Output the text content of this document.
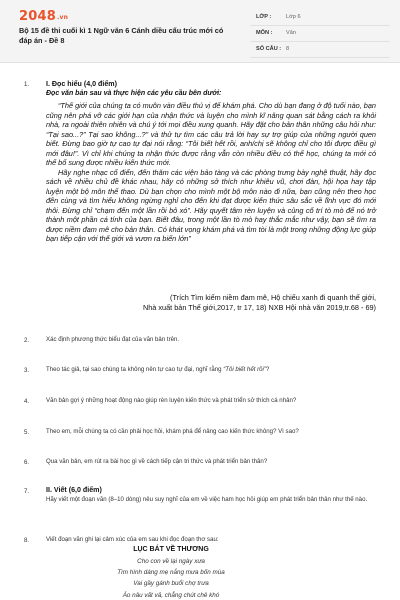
2048.vn
Bộ 15 đề thi cuối kì 1 Ngữ văn 6 Cánh diều cấu trúc mới có đáp án - Đề 8
LỚP :	Lớp 6
MÔN : Văn
SỐ CÂU : 8
1. I. Đọc hiểu (4,0 điểm)
Đọc văn bản sau và thực hiện các yêu cầu bên dưới:

“Thế giới của chúng ta có muôn vàn điều thú vị để khám phá. Cho dù bạn đang ở độ tuổi nào, bạn cũng nên phá vỡ các giới hạn của nhận thức và luyện cho mình kĩ năng quan sát bằng cách ra khỏi nhà, ra ngoài thiên nhiên và chú ý tới mọi điều xung quanh. Hãy đặt cho bản thân những câu hỏi như: “Tại sao...?” Tại sao không...?” và thử tự tìm các câu trả lời hay sự trợ giúp của những người quen biết. Đừng bao giờ tự cao tự đại nói rằng: “Tôi biết hết rồi, anh/chị sẽ không chỉ cho tôi được điều gì mới đâu!”. Vì chỉ khi chúng ta nhận thức được rằng vẫn còn nhiều điều có thể học, chúng ta mới có thể bổ sung được nhiều kiến thức mới.

Hãy nghe nhạc cổ điển, đến thăm các viện bảo tàng và các phòng trưng bày nghệ thuật, hãy đọc sách về nhiều chủ đề khác nhau, hãy có những sở thích như khiêu vũ, chơi đàn, hội họa hay tập luyện một bộ môn thể thao. Dù bạn chọn cho mình một bộ môn nào đi nữa, bạn cũng nên theo học đến cùng và tìm hiểu không ngừng nghỉ cho đến khi đạt được kiến thức sâu sắc về lĩnh vực đó mới thôi. Đừng chỉ “chạm đến một lần rồi bỏ xó”. Hãy quyết tâm rèn luyện và củng cố trí tò mò để nó trở thành một phần cá tính của bạn. Biết đâu, trong một lần tò mò hay thắc mắc như vậy, bạn sẽ tìm ra được niềm đam mê cho bản thân. Có khát vọng khám phá và tìm tòi là một trong những động lực giúp bạn tiếp cận với thế giới và vươn ra biển lớn”

(Trích Tìm kiếm niềm đam mê, Hộ chiếu xanh đi quanh thế giới,
Nhà xuất bản Thế giới,2017, tr 17, 18) NXB Hội nhà văn 2019,tr.68 - 69)
2.	Xác định phương thức biểu đạt của văn bản trên.
3.	Theo tác giả, tại sao chúng ta không nên tự cao tự đại, nghĩ rằng “Tôi biết hết rồi”?
4.	Văn bản gợi ý những hoạt động nào giúp rèn luyện kiến thức và phát triển sở thích cá nhân?
5.	Theo em, mỗi chúng ta có cần phải học hỏi, khám phá để nâng cao kiến thức không? Vì sao?
6.	Qua văn bản, em rút ra bài học gì về cách tiếp cận tri thức và phát triển bản thân?
7. II. Viết (6,0 điểm)
Hãy viết một đoạn văn (8–10 dòng) nêu suy nghĩ của em về việc ham học hỏi giúp em phát triển bản thân như thế nào.
8.	Viết đoạn văn ghi lại cảm xúc của em sau khi đọc đoạn thơ sau:
LỤC BÁT VỀ THƯƠNG
Cho con về lại ngày xưa
Tìm hình dáng mẹ nắng mưa bốn mùa
Vai gầy gánh buổi chợ trưa
Áo nâu vất vả, chẳng chút chê khó
